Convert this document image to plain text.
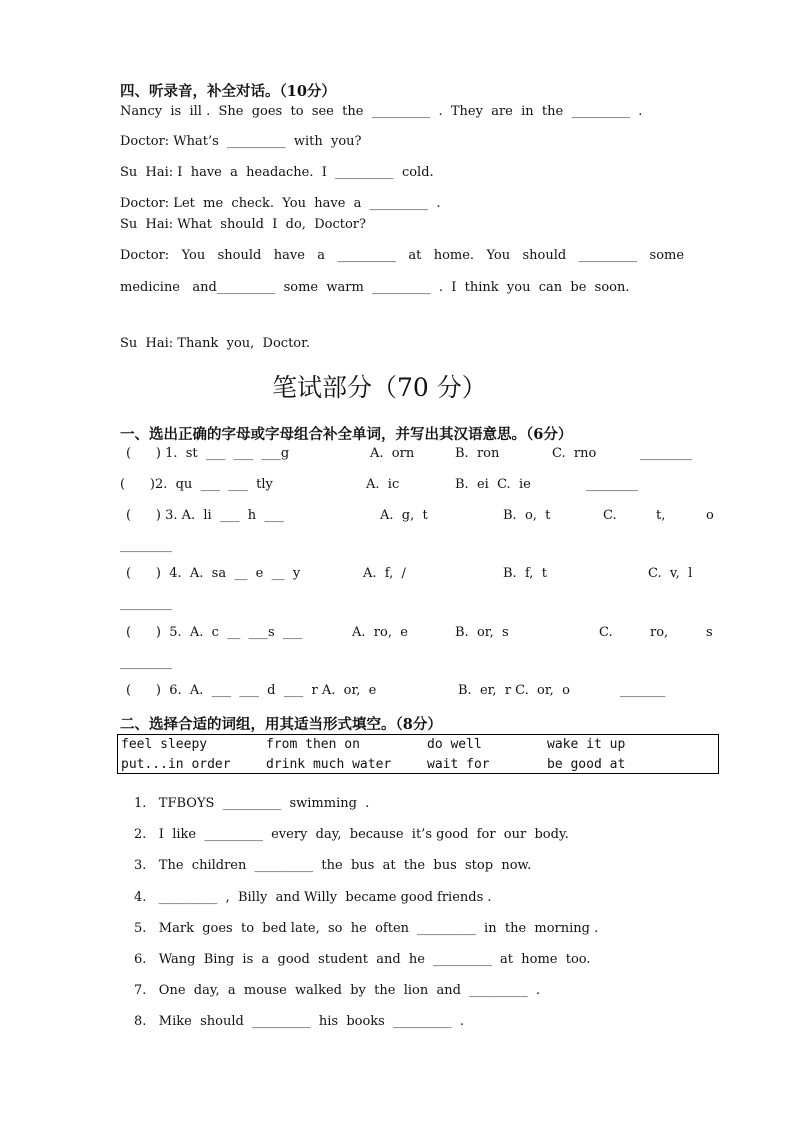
四、听录音，补全对话。（10分）
Nancy  is  ill .  She  goes  to  see  the  _________  .  They  are  in  the  _________  .
Doctor: What’s  _________  with  you?
Su  Hai: I  have  a  headache.  I  _________  cold.
Doctor: Let  me  check.  You  have  a  _________  .
Su  Hai: What  should  I  do,  Doctor?
Doctor:   You   should   have   a   _________   at   home.   You   should   _________   some
medicine   and_________  some  warm  _________  .  I  think  you  can  be  soon.
Su  Hai: Thank  you,  Doctor.
笔试部分（70 分）
一、选出正确的字母或字母组合补全单词，并写出其汉语意思。（6分）
(      ) 1.  st  ___  ___  ___g	A.  orn	B.  ron	C.  rno	________
(      )2.  qu  ___  ___  tly	A.  ic	B.  ei  C.  ie	________
(      ) 3. A.  li  ___  h  ___	A.  g,  t	B.  o,  t	C.	t,	o
________
(      )  4.  A.  sa  __  e  __  y	A.  f,  /	B.  f,  t	C.  v,  l
________
(      )  5.  A.  c  __  ___s  ___	A.  ro,  e	B.  or,  s	C.	ro,	s
________
(      )  6.  A.  ___  ___  d  ___  r A.  or,  e	B.  er,  r C.  or,  o	_______
二、选择合适的词组，用其适当形式填空。（8分）
feel sleepy	from then on	do well	wake it up
put...in order	drink much water	wait for	be good at
1.   TFBOYS  _________  swimming  .
2.   I  like  _________  every  day,  because  it’s good  for  our  body.
3.   The  children  _________  the  bus  at  the  bus  stop  now.
4.   _________  ,  Billy  and Willy  became good friends .
5.   Mark  goes  to  bed late,  so  he  often  _________  in  the  morning .
6.   Wang  Bing  is  a  good  student  and  he  _________  at  home  too.
7.   One  day,  a  mouse  walked  by  the  lion  and  _________  .
8.   Mike  should  _________  his  books  _________  .
